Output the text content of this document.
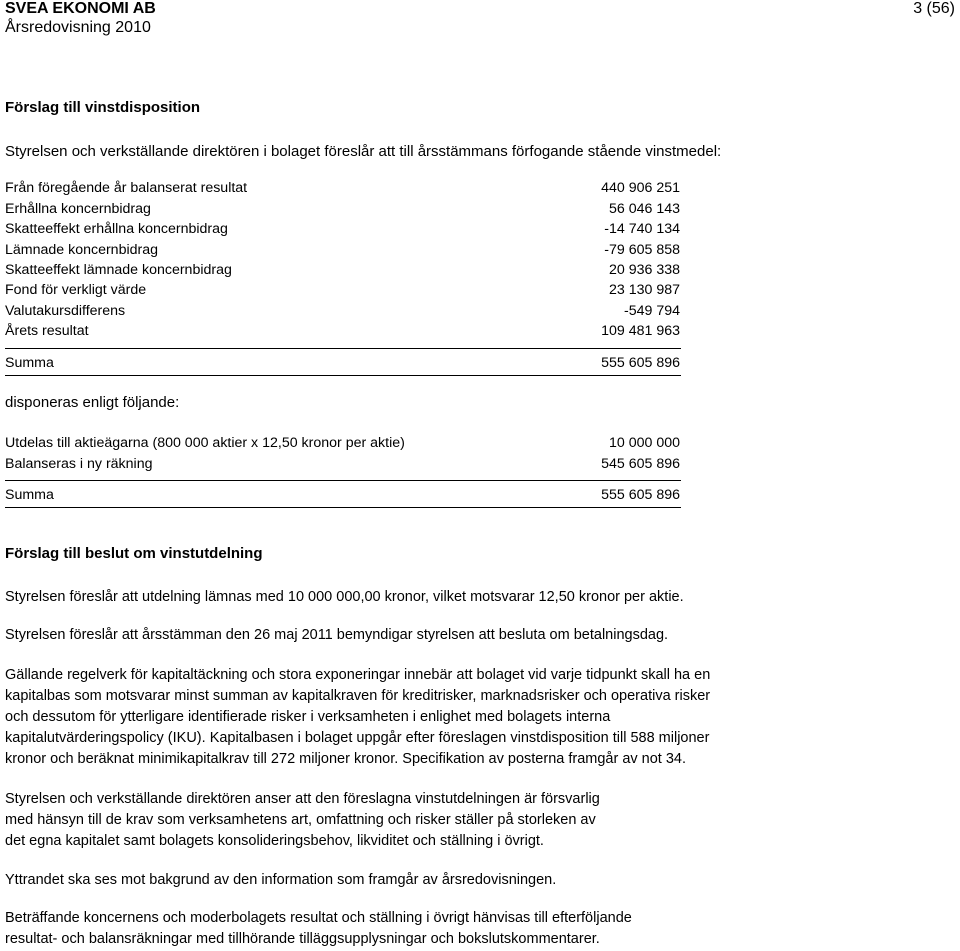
SVEA EKONOMI AB
Årsredovisning 2010
3 (56)
Förslag till vinstdisposition
Styrelsen och verkställande direktören i bolaget föreslår att till årsstämmans förfogande stående vinstmedel:
Från föregående år balanserat resultat	440 906 251
Erhållna koncernbidrag	56 046 143
Skatteeffekt erhållna koncernbidrag	-14 740 134
Lämnade koncernbidrag	-79 605 858
Skatteeffekt lämnade koncernbidrag	20 936 338
Fond för verkligt värde	23 130 987
Valutakursdifferens	-549 794
Årets resultat	109 481 963
Summa	555 605 896
disponeras enligt följande:
Utdelas till aktieägarna (800 000 aktier x 12,50 kronor per aktie)	10 000 000
Balanseras i ny räkning	545 605 896
Summa	555 605 896
Förslag till beslut om vinstutdelning
Styrelsen föreslår att utdelning lämnas med 10 000 000,00 kronor, vilket motsvarar 12,50 kronor per aktie.
Styrelsen föreslår att årsstämman den 26 maj 2011 bemyndigar styrelsen att besluta om betalningsdag.
Gällande regelverk för kapitaltäckning och stora exponeringar innebär att bolaget vid varje tidpunkt skall ha en
kapitalbas som motsvarar minst summan av kapitalkraven för kreditrisker, marknadsrisker och operativa risker
och dessutom för ytterligare identifierade risker i verksamheten i enlighet med bolagets interna
kapitalutvärderingspolicy (IKU). Kapitalbasen i bolaget uppgår efter föreslagen vinstdisposition till 588 miljoner
kronor och beräknat minimikapitalkrav till 272 miljoner kronor. Specifikation av posterna framgår av not 34.
Styrelsen och verkställande direktören anser att den föreslagna vinstutdelningen är försvarlig
med hänsyn till de krav som verksamhetens art, omfattning och risker ställer på storleken av
det egna kapitalet samt bolagets konsolideringsbehov, likviditet och ställning i övrigt.
Yttrandet ska ses mot bakgrund av den information som framgår av årsredovisningen.
Beträffande koncernens och moderbolagets resultat och ställning i övrigt hänvisas till efterföljande
resultat- och balansräkningar med tillhörande tilläggsupplysningar och bokslutskommentarer.
